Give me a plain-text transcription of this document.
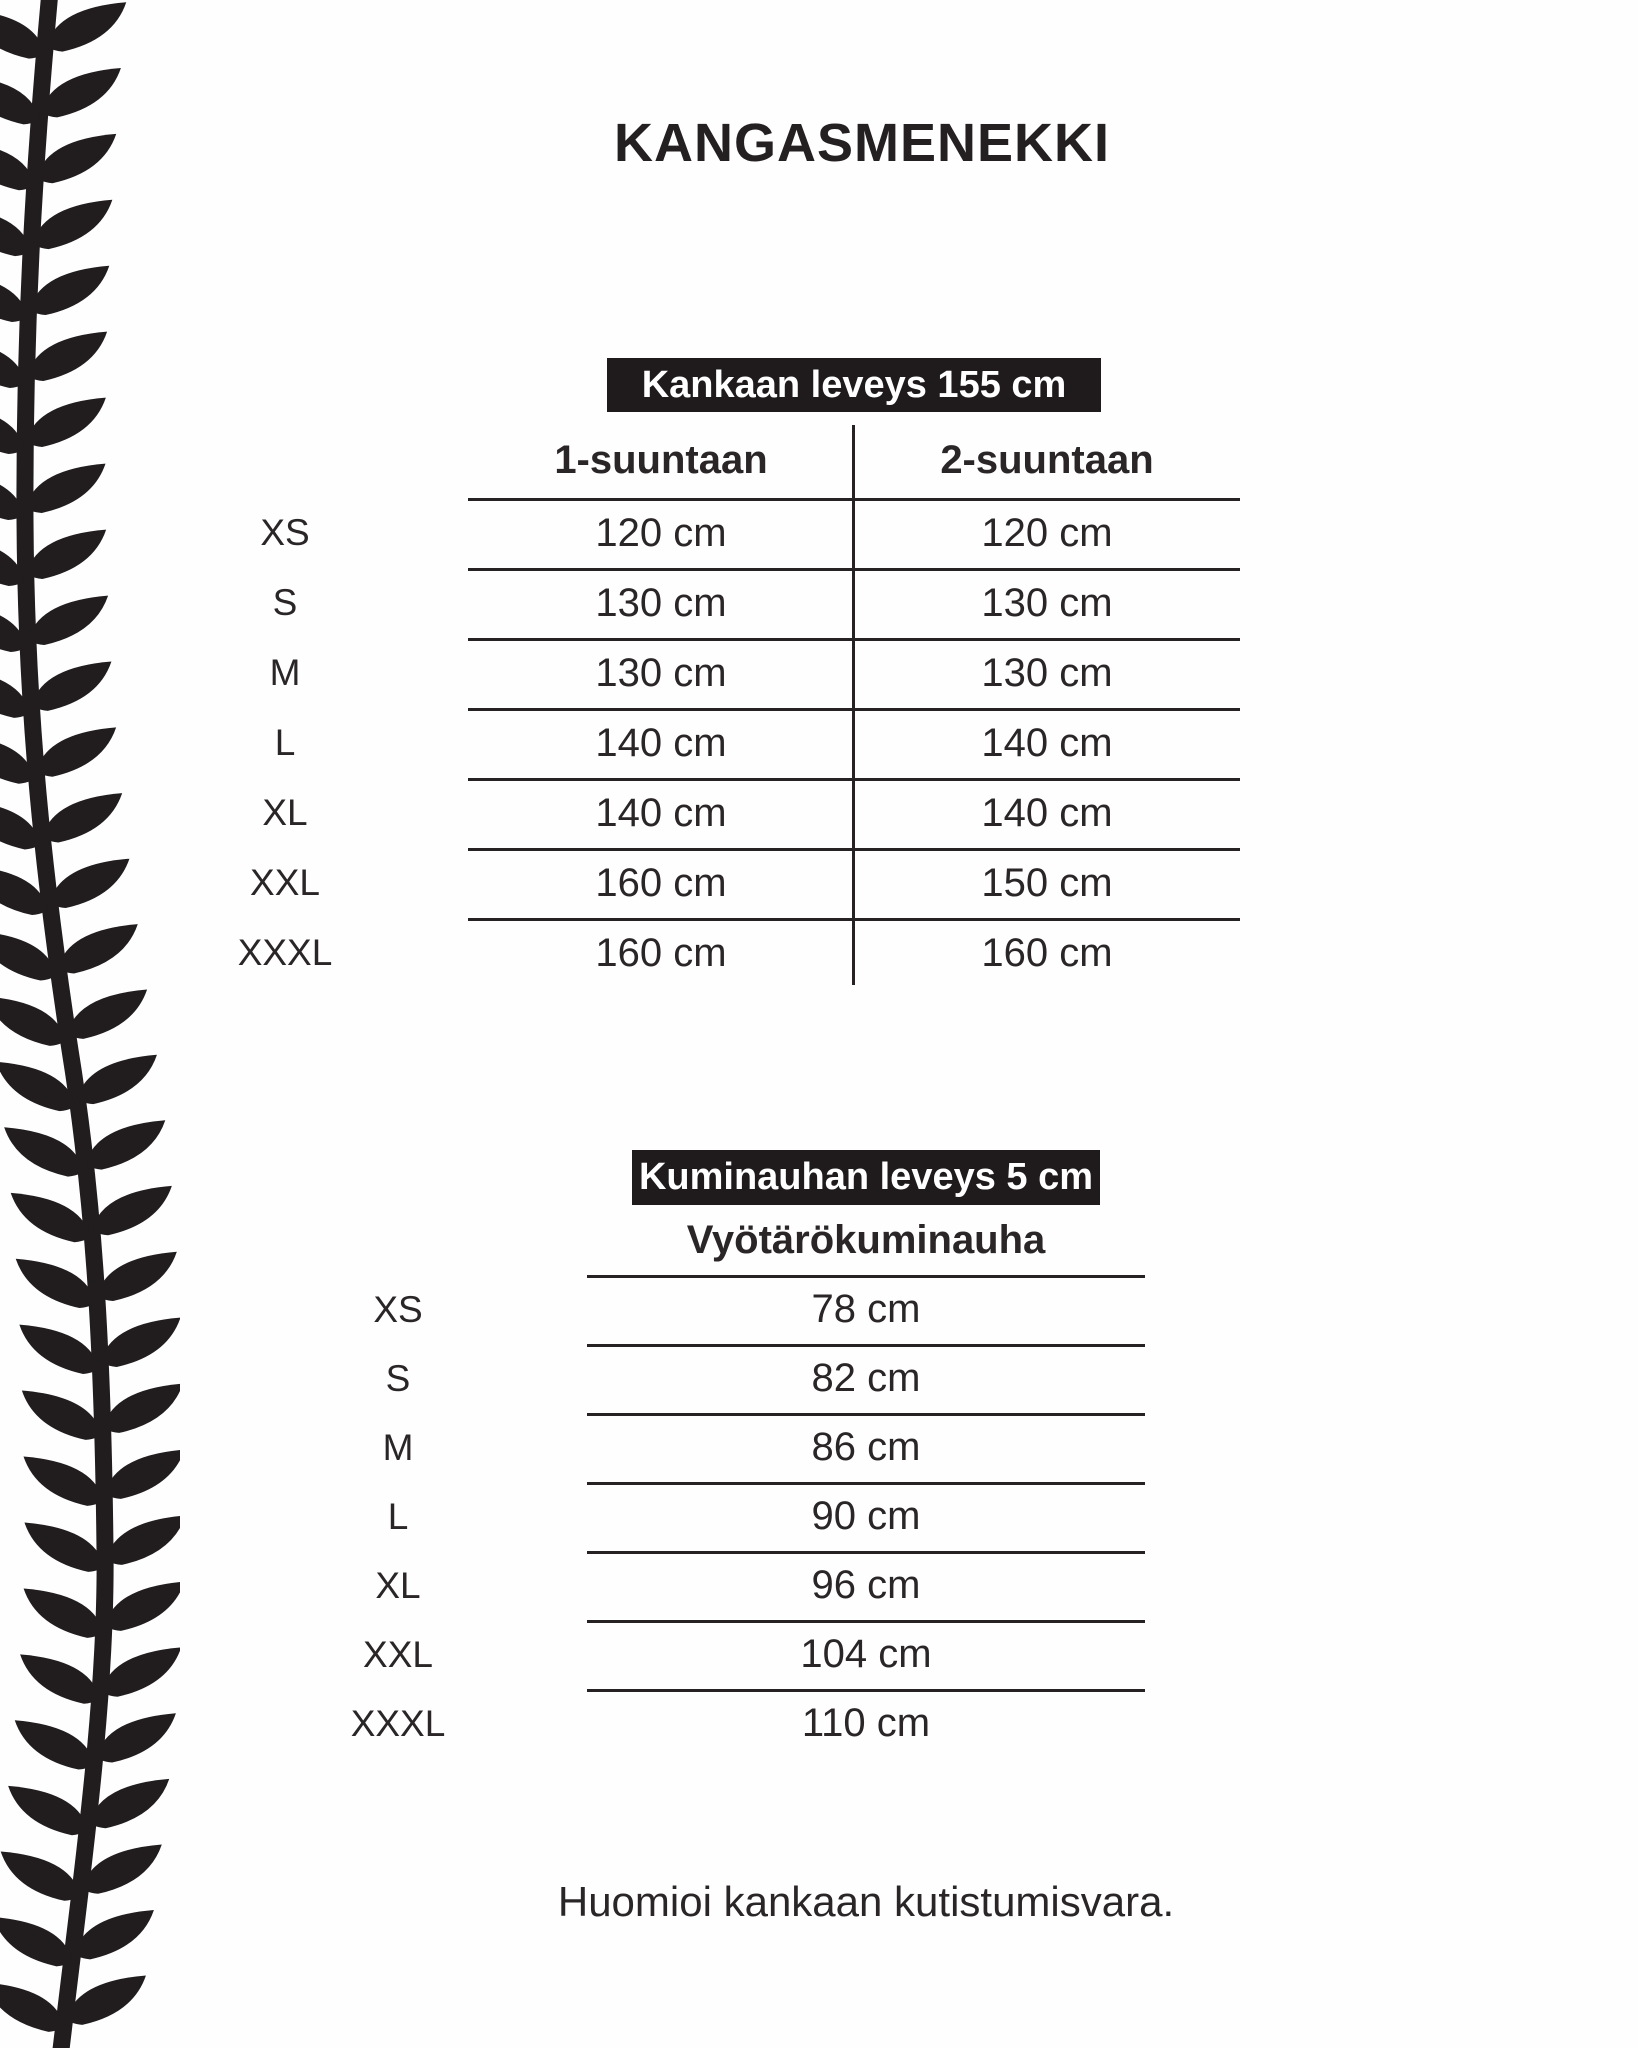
KANGASMENEKKI
Kankaan leveys 155 cm
1-suuntaan	2-suuntaan
Kuminauhan leveys 5 cm
Vyötärökuminauha
Huomioi kankaan kutistumisvara.
XS	120 cm	120 cm
S	130 cm	130 cm
M	130 cm	130 cm
L	140 cm	140 cm
XL	140 cm	140 cm
XXL	160 cm	150 cm
XXXL	160 cm	160 cm
XS	78 cm
S	82 cm
M	86 cm
L	90 cm
XL	96 cm
XXL	104 cm
XXXL	110 cm
